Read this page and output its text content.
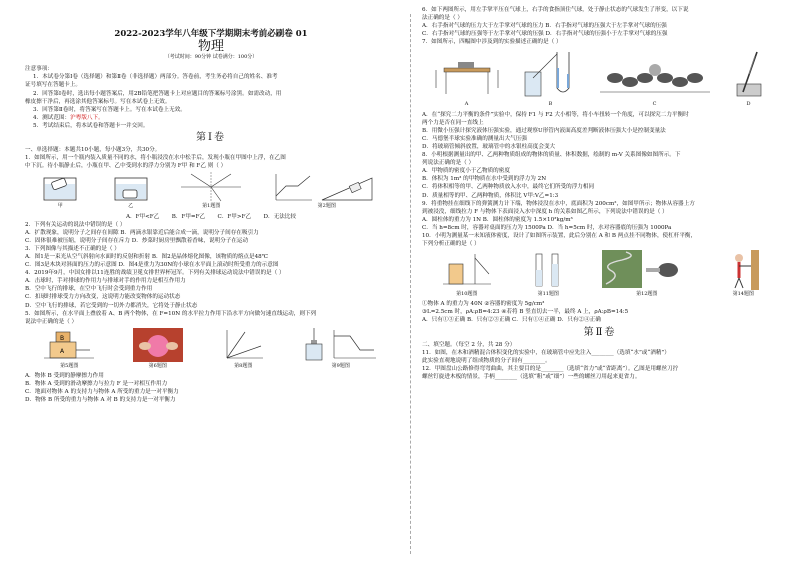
2022-2023学年八年级下学期期末考前必刷卷 01
物理
（考试时间：90分钟 试卷满分：100分）
注意事项：
1．本试卷分第Ⅰ卷（选择题）和第Ⅱ卷（非选择题）两部分。答卷前，考生务必将自己的姓名、准考
证号填写在答题卡上。
2．回答第Ⅰ卷时，选出每小题答案后，用2B铅笔把答题卡上对应题目的答案标号涂黑。如需改动，用
橡皮擦干净后，再选涂其他答案标号。写在本试卷上无效。
3．回答第Ⅱ卷时，将答案写在答题卡上。写在本试卷上无效。
4．测试范围：沪粤版八下。
5．考试结束后，将本试卷和答题卡一并交回。
第Ⅰ卷
一、单选择题：本题共10小题，每小题3分，共30分。
1．如图所示，用一个瓶内装入质量不同的水，将小瓶浸没在水中松手后，发现小瓶在甲图中上浮，在乙图
中下沉。待小瓶静止后，小瓶在甲、乙中受到水的浮力分别为 F甲 和 F乙 则（ ）
甲	乙	第1题图	第2题图
A．F甲<F乙 B．F甲=F乙 C．F甲>F乙 D．无法比较
2．下列有关运动的说法中错误的是（ ）
A．扩散现象，说明分子之间存在间隙 B．两滴水银靠近后能合成一滴，说明分子间存在吸引力
C．固体很难被压缩，说明分子间存在斥力 D．炒菜时厨房里飘散着香味，说明分子在运动
3．下列图像与其描述不正确的是（ ）
A．图1是一束光从空气斜射向水面时的反射和折射 B．图2是晶体熔化图像，该物质的熔点是48℃
C．图3是木块对斜面的压力的示意图 D．图4是重力为30N的小球在水平面上滚动时所受重力的示意图
4．2019年9月，中国女排以11连胜的战绩卫冕女排世界杯冠军。下列有关排球运动说法中错误的是（ ）
A．击球时，手对排球的作用力与排球对手的作用力是相互作用力
B．空中飞行的排球，在空中飞行时会受到重力作用
C．扣球时排球受力方向改变，这说明力能改变物体的运动状态
D．空中飞行的排球，若它受到的一切外力都消失，它将处于静止状态
5．如图所示，在水平面上叠放着 A、B 两个物体，在 F=10N 的水平拉力作用下沿水平方向做匀速直线运动，则下列
说法中正确的是（ ）
B
A
第5题图	第6题图	第8题图	第9题图
A．物体 B 受到的静摩擦力作用
B．物体 A 受到的滑动摩擦力与拉力 F 是一对相互作用力
C．地面对物体 A 的支持力与物体 A 所受的重力是一对平衡力
D．物体 B 所受的重力与物体 A 对 B 的支持力是一对平衡力
6．如下两图所示，用左手掌平压在气球上，右手的食指顶住气球，处于静止状态的气球发生了形变，以下说
法正确的是（ ）
A．右手指对气球的压力大于左手掌对气球的压力 B．右手指对气球的压强大于左手掌对气球的压强
C．右手指对气球的压强等于左手掌对气球的压强 D．右手指对气球的压强小于左手掌对气球的压强
7．如图所示，四幅图中涉及到的实验描述正确的是（ ）
A	B	C	D
A．在“探究二力平衡的条件”实验中，保持 F1 与 F2 大小相等，将小车扭转一个角度，可以探究二力平衡时
两个力是否在同一直线上
B．用微小压强计探究液体压强实验，通过观察U形管内液面高度差判断液体压强大小是控制变量法
C．马德堡半球实验准确的测量出大气压强
D．将玻璃管倾斜放置，玻璃管中的水银柱高度会变大
8．小明根据测量出的甲、乙两种物质组成的物体的质量、体积数据，绘制的 m-V 关系图像如图所示。下
列说法正确的是（ ）
A．甲物质的密度小于乙物质的密度
B．体积为 1m³ 的甲物质在水中受到的浮力为 2N
C．将体积相等的甲、乙两种物质放入水中，最终它们所受的浮力相同
D．质量相等的甲、乙两种物质，体积比 V甲:V乙=1:3
9．将重物挂在细线下的弹簧测力计下端，物体浸没在水中，底面积为 200cm²，如图甲所示；物体从容器上方
到被浸没，细线拉力 F 与物体下表面浸入水中深度 h 的关系如图乙所示，下列说法中错误的是（ ）
A．圆柱体的重力为 1N B．圆柱体的密度为 1.5×10³kg/m³
C．当 h=8cm 时，容器对桌面的压力为 1500Pa D．当 h=5cm 时，水对容器底的压强为 1000Pa
10．小明为测量某一未知液体密度，设计了如图所示装置，此后分别在 A 和 B 两点挂不同物体，使杠杆平衡，
下列分析正确的是（ ）
第10题图	第11题图	第12题图	第14题图
①物体 A 的重力为 40N ②容器的密度为 5g/cm³
③L=2.5cm 时，ρA:ρB=4:23 ④若将 B 竖直切去一半，最终 A 上，ρA:ρB=14:5
A．只有①③正确 B．只有②③正确 C．只有①④正确 D．只有②④正确
第Ⅱ卷
二、填空题。（每空 2 分，共 28 分）
11．如图，在木和酒精混合体积变化的实验中，在玻璃管中应先注入________（选填“水”或“酒精”）
此实验直观地说明了组成物质的分子间有________。
12．甲图盘山公路修得弯弯曲曲，其主要目的是________（选填“省力”或“省距离”）。乙图是用螺丝刀拧
螺丝钉旋进木板的情景，手柄________（选填“粗”或“细”）一些的螺丝刀用起来更省力。
